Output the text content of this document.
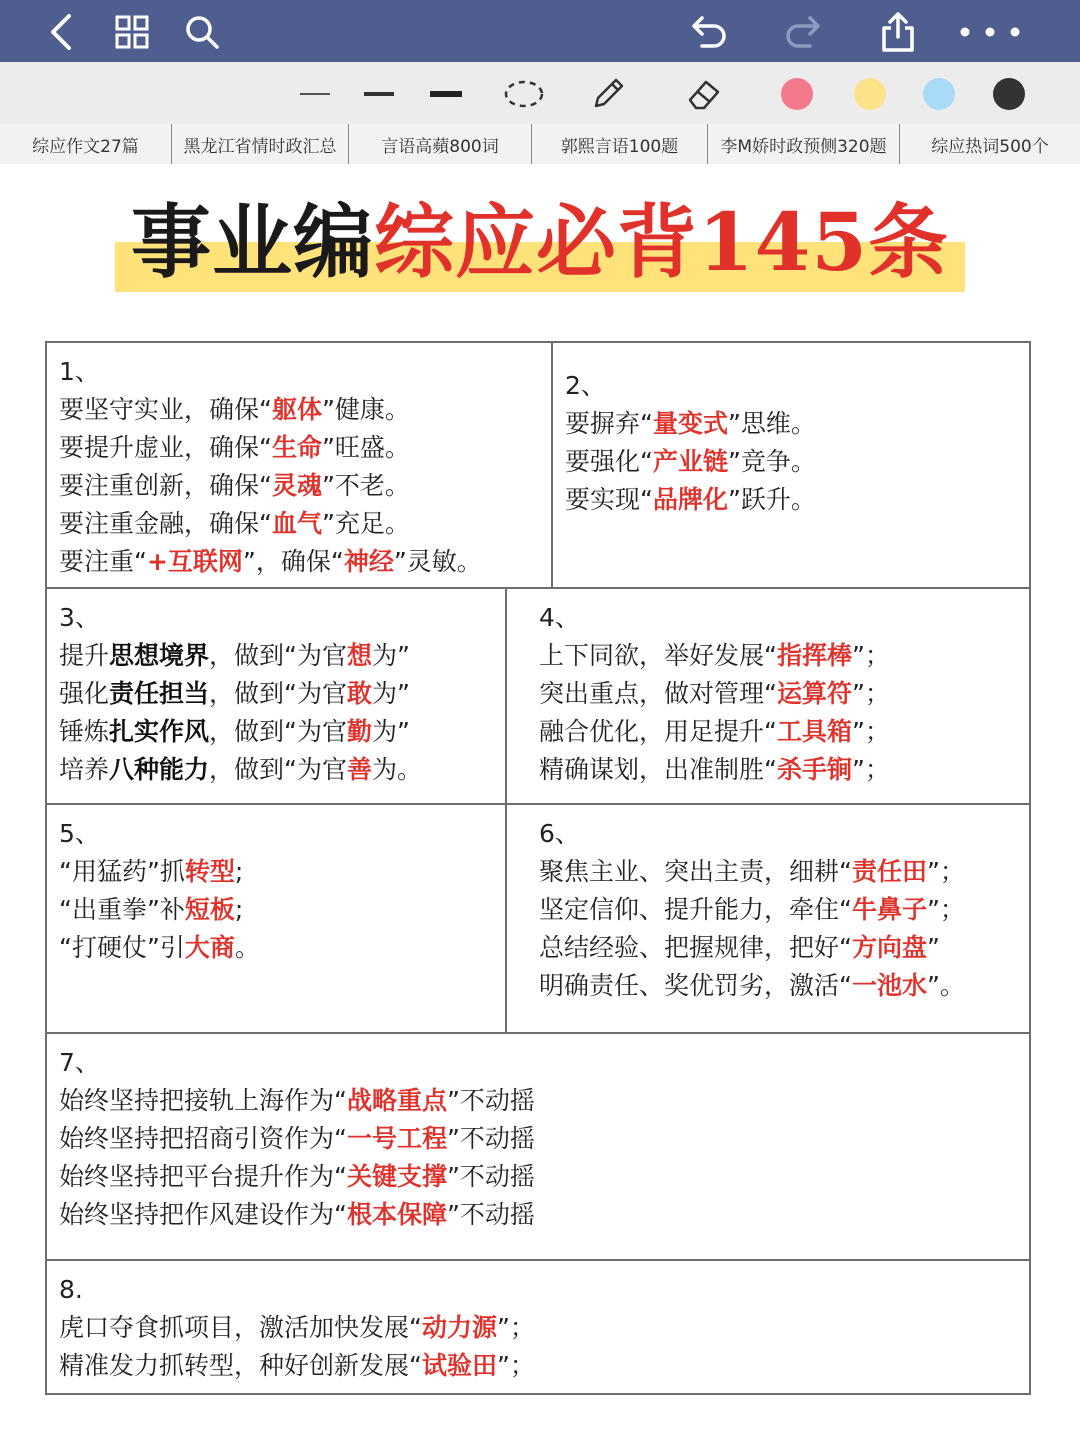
综应作文27篇	黑龙江省情时政汇总	言语高蘋800词	郭熙言语100题	李M娇时政预侧320题	综应热词500个
事业编综应必背145条
1、
要坚守实业，确保“躯体”健康。
要提升虚业，确保“生命”旺盛。
要注重创新，确保“灵魂”不老。
要注重金融，确保“血气”充足。
要注重“+互联网”，确保“神经”灵敏。
2、
要摒弃“量变式”思维。
要强化“产业链”竞争。
要实现“品牌化”跃升。
3、
提升思想境界，做到“为官想为”
强化责任担当，做到“为官敢为”
锤炼扎实作风，做到“为官勤为”
培养八种能力，做到“为官善为。
4、
上下同欲，举好发展“指挥棒”；
突出重点，做对管理“运算符”；
融合优化，用足提升“工具箱”；
精确谋划，出准制胜“杀手锏”；
5、
“用猛药”抓转型;
“出重拳”补短板;
“打硬仗”引大商。
6、
聚焦主业、突出主责，细耕“责任田”；
坚定信仰、提升能力，牵住“牛鼻子”；
总结经验、把握规律，把好“方向盘”
明确责任、奖优罚劣，激活“一池水”。
7、
始终坚持把接轨上海作为“战略重点”不动摇
始终坚持把招商引资作为“一号工程”不动摇
始终坚持把平台提升作为“关键支撑”不动摇
始终坚持把作风建设作为“根本保障”不动摇
8.
虎口夺食抓项目，激活加快发展“动力源”；
精准发力抓转型，种好创新发展“试验田”；
